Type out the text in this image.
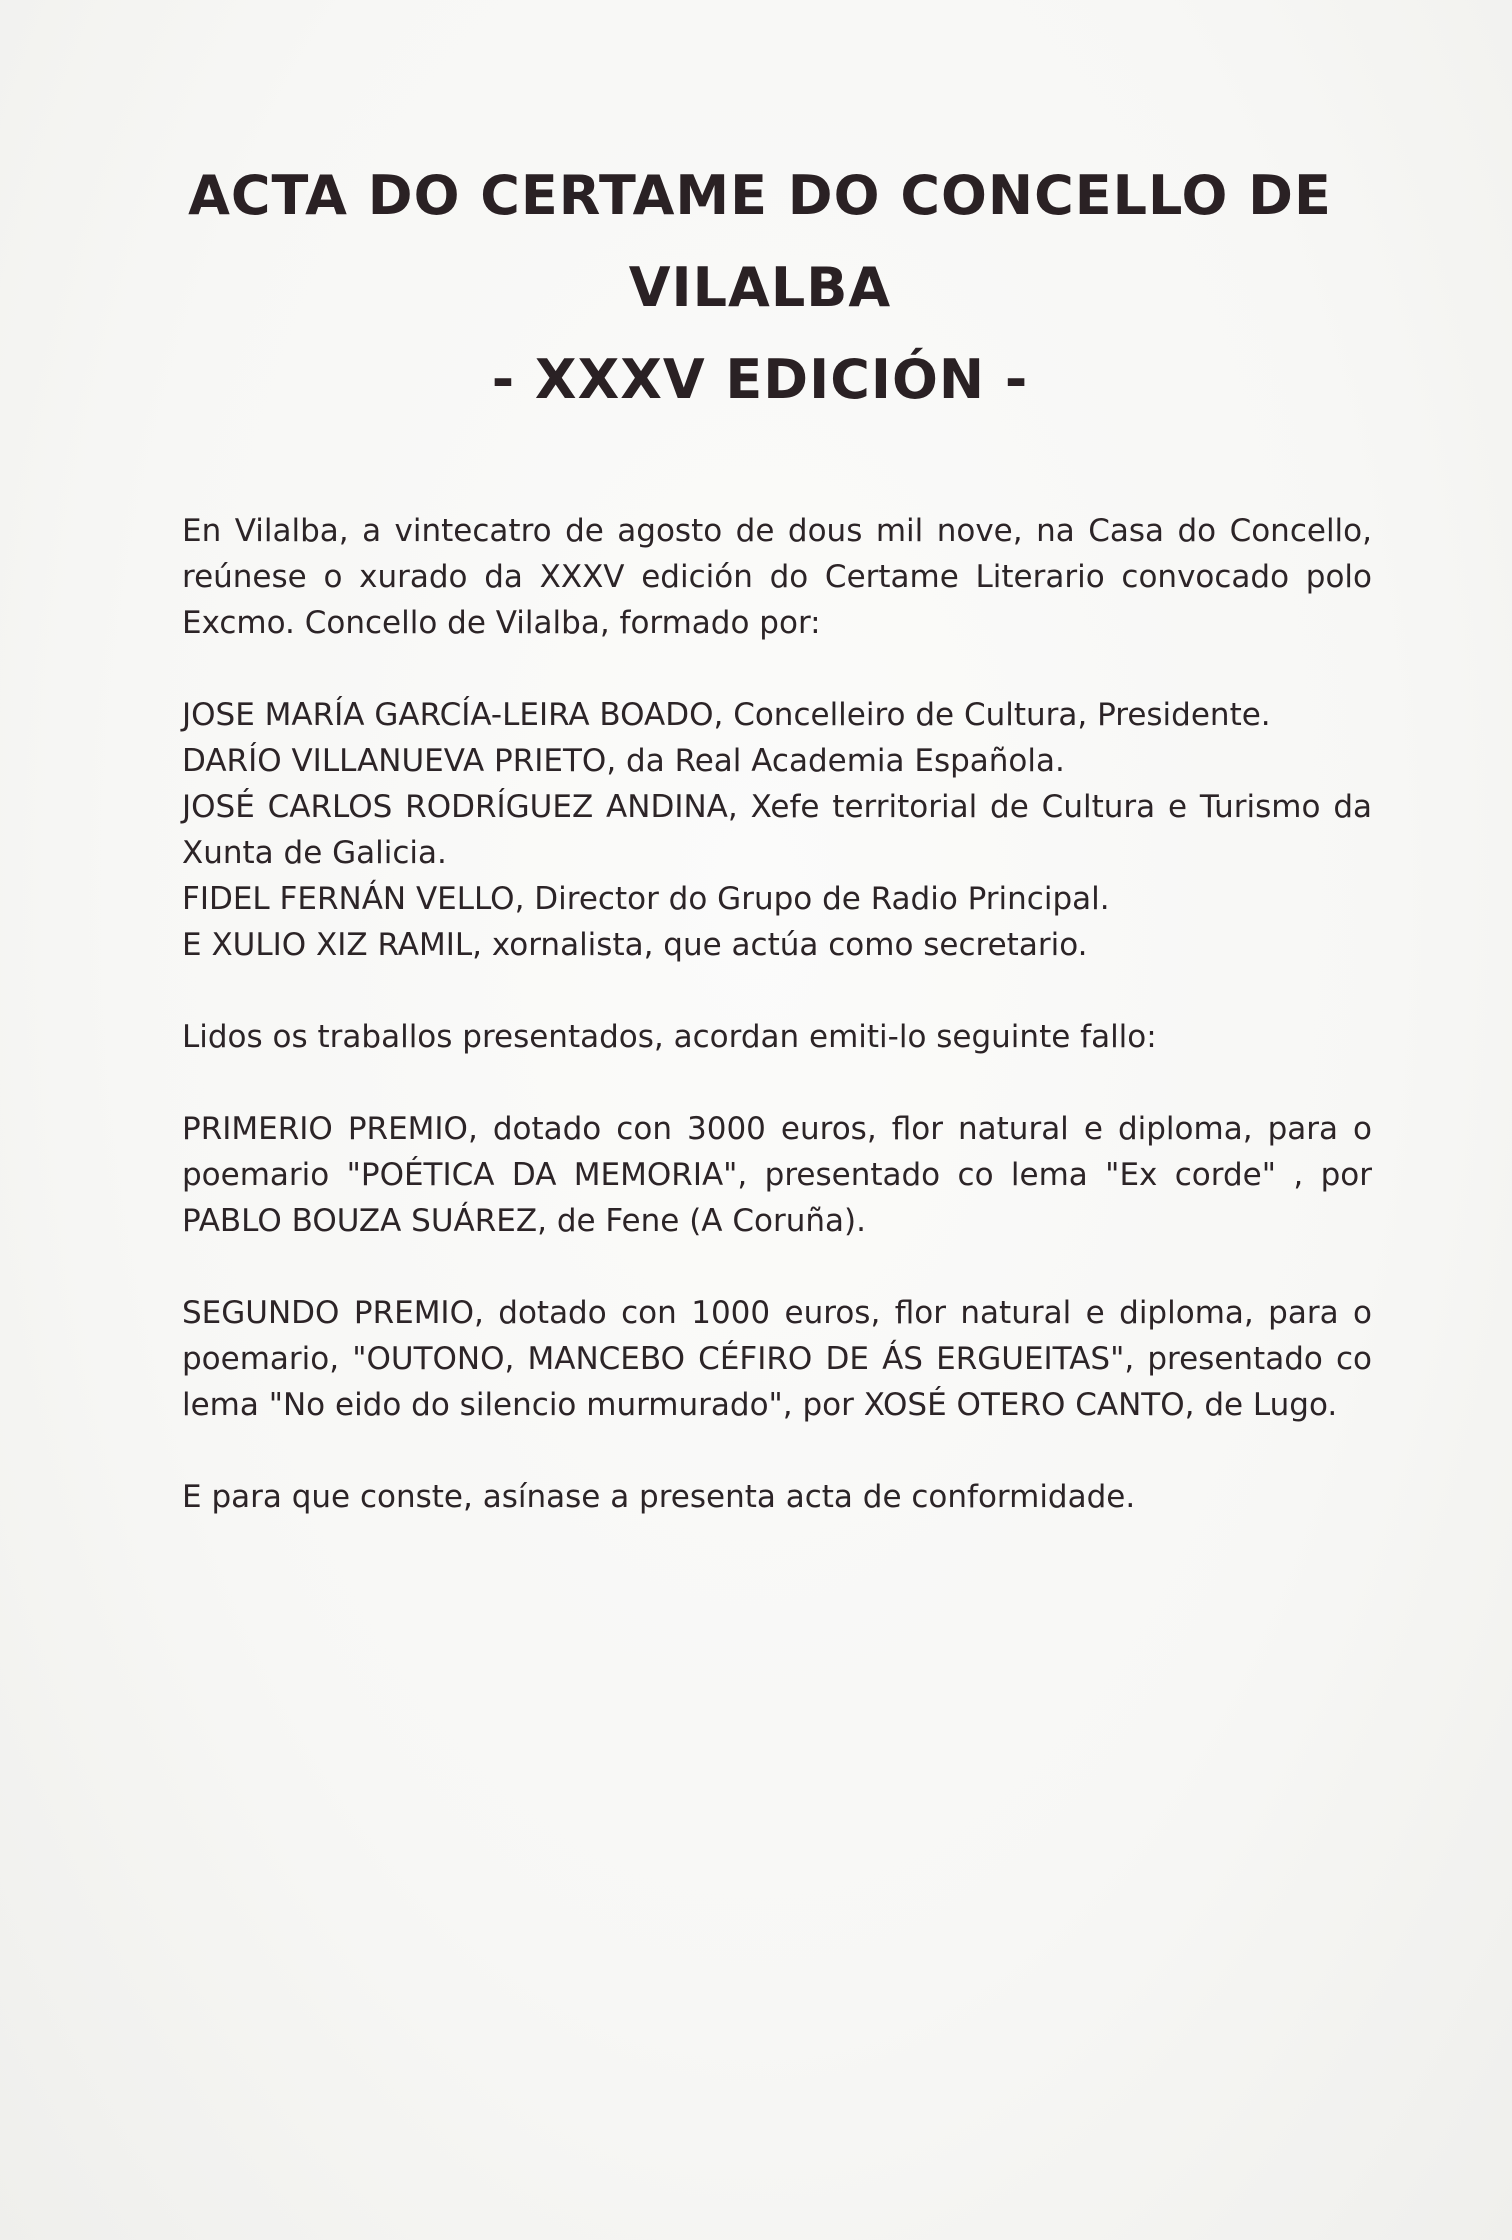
ACTA DO CERTAME DO CONCELLO DE
VILALBA
- XXXV EDICIÓN -

En Vilalba, a vintecatro de agosto de dous mil nove, na Casa do Concello, reúnese o xurado da XXXV edición do Certame Literario convocado polo Excmo. Concello de Vilalba, formado por:

JOSE MARÍA GARCÍA-LEIRA BOADO, Concelleiro de Cultura, Presidente.
DARÍO VILLANUEVA PRIETO, da Real Academia Española.
JOSÉ CARLOS RODRÍGUEZ ANDINA, Xefe territorial de Cultura e Turismo da Xunta de Galicia.
FIDEL FERNÁN VELLO, Director do Grupo de Radio Principal.
E XULIO XIZ RAMIL, xornalista, que actúa como secretario.

Lidos os traballos presentados, acordan emiti-lo seguinte fallo:

PRIMERIO PREMIO, dotado con 3000 euros, flor natural e diploma, para o poemario "POÉTICA DA MEMORIA", presentado co lema "Ex corde" , por PABLO BOUZA SUÁREZ, de Fene (A Coruña).

SEGUNDO PREMIO, dotado con 1000 euros, flor natural e diploma, para o poemario, "OUTONO, MANCEBO CÉFIRO DE ÁS ERGUEITAS", presentado co lema "No eido do silencio murmurado", por XOSÉ OTERO CANTO, de Lugo.

E para que conste, asínase a presenta acta de conformidade.
